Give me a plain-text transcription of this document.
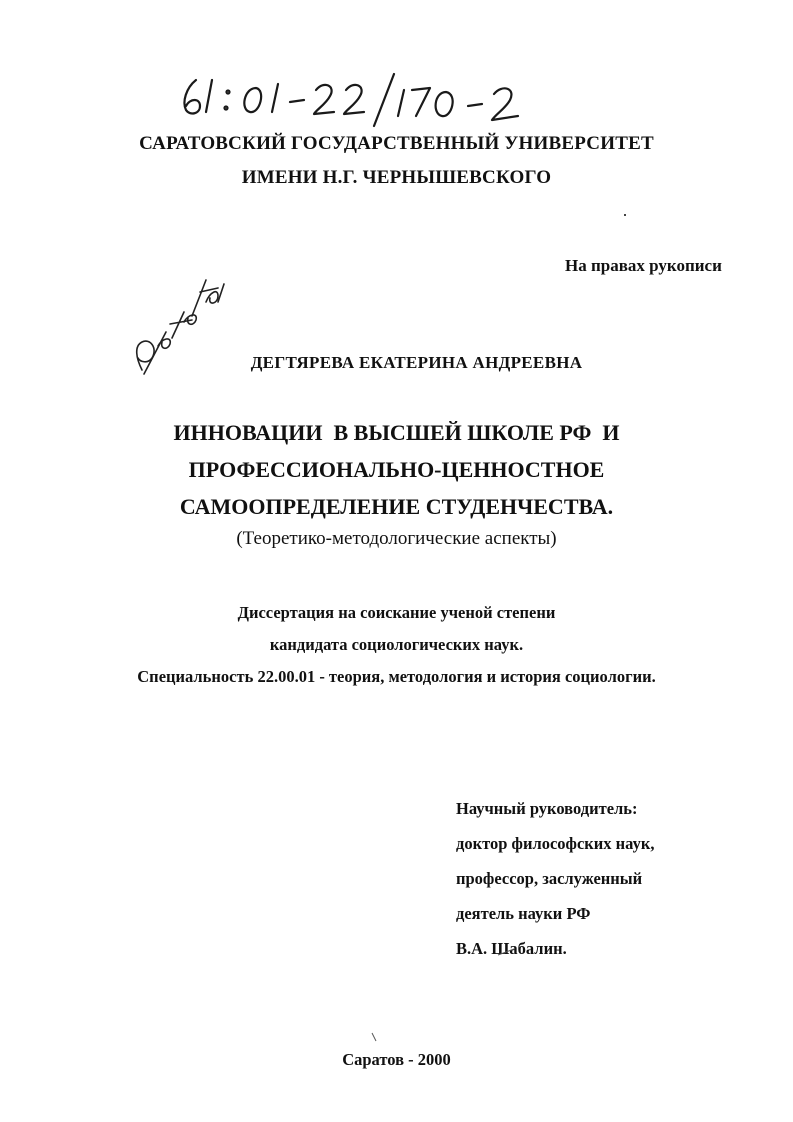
САРАТОВСКИЙ ГОСУДАРСТВЕННЫЙ УНИВЕРСИТЕТ
ИМЕНИ Н.Г. ЧЕРНЫШЕВСКОГО
На правах рукописи
ДЕГТЯРЕВА ЕКАТЕРИНА АНДРЕЕВНА
ИННОВАЦИИ  В ВЫСШЕЙ ШКОЛЕ РФ  И
ПРОФЕССИОНАЛЬНО-ЦЕННОСТНОЕ
САМООПРЕДЕЛЕНИЕ СТУДЕНЧЕСТВА.
(Теоретико-методологические аспекты)
Диссертация на соискание ученой степени
кандидата социологических наук.
Специальность 22.00.01 - теория, методология и история социологии.
Научный руководитель:
доктор философских наук,
профессор, заслуженный
деятель науки РФ
В.А. Шабалин.
Саратов - 2000
